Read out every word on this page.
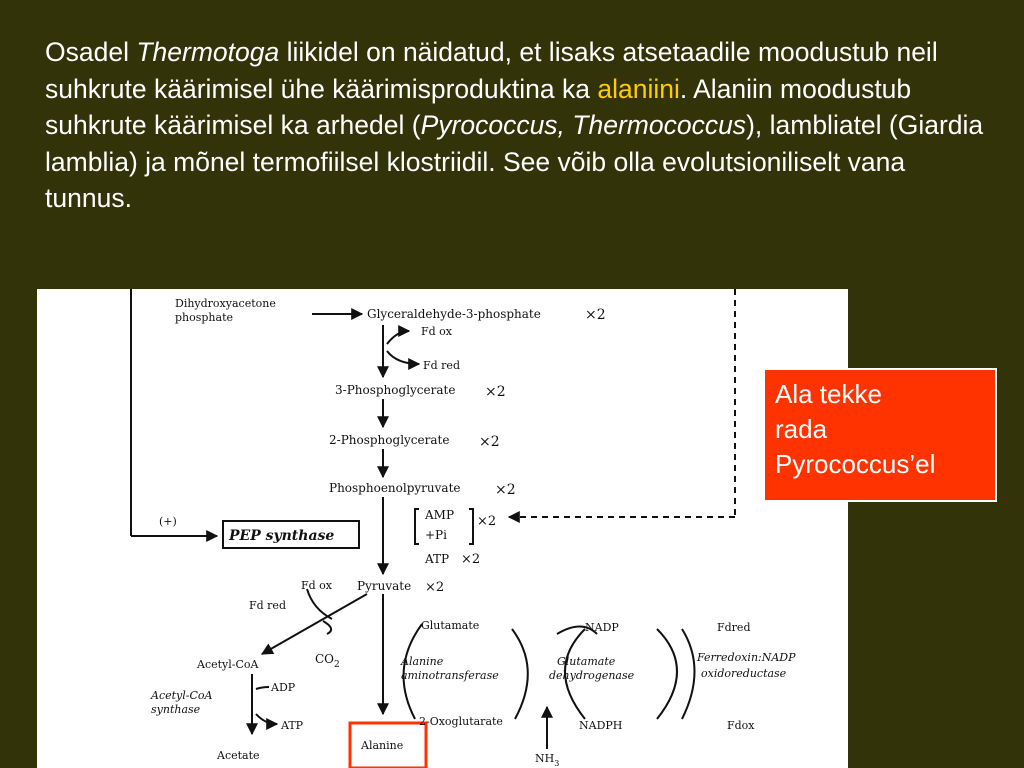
Osadel Thermotoga liikidel on näidatud, et lisaks atsetaadile moodustub neil suhkrute käärimisel ühe käärimisproduktina ka alaniini. Alaniin moodustub suhkrute käärimisel ka arhedel (Pyrococcus, Thermococcus), lambliatel (Giardia lamblia) ja mõnel termofiilsel klostriidil. See võib olla evolutsioniliselt vana tunnus.
Dihydroxyacetone
phosphate	Glyceraldehyde-3-phosphate	×2
Fd ox
Fd red
3-Phosphoglycerate ×2
2-Phosphoglycerate ×2
Phosphoenolpyruvate ×2
(+)
PEP synthase
AMP ×2
+Pi
ATP ×2
Fd ox Pyruvate ×2
Fd red
Acetyl-CoA	$CO_2$
Acetyl-CoA
synthase
ADP
ATP
Acetate
Alanine
Glutamate
Alanine
aminotransferase
2-Oxoglutarate
Glutamate
dehydrogenase
$NH_3$
NADP
NADPH
Fdred
Ferredoxin:NADP
oxidoreductase
Fdox
Ala tekke
rada
Pyrococcus’el
